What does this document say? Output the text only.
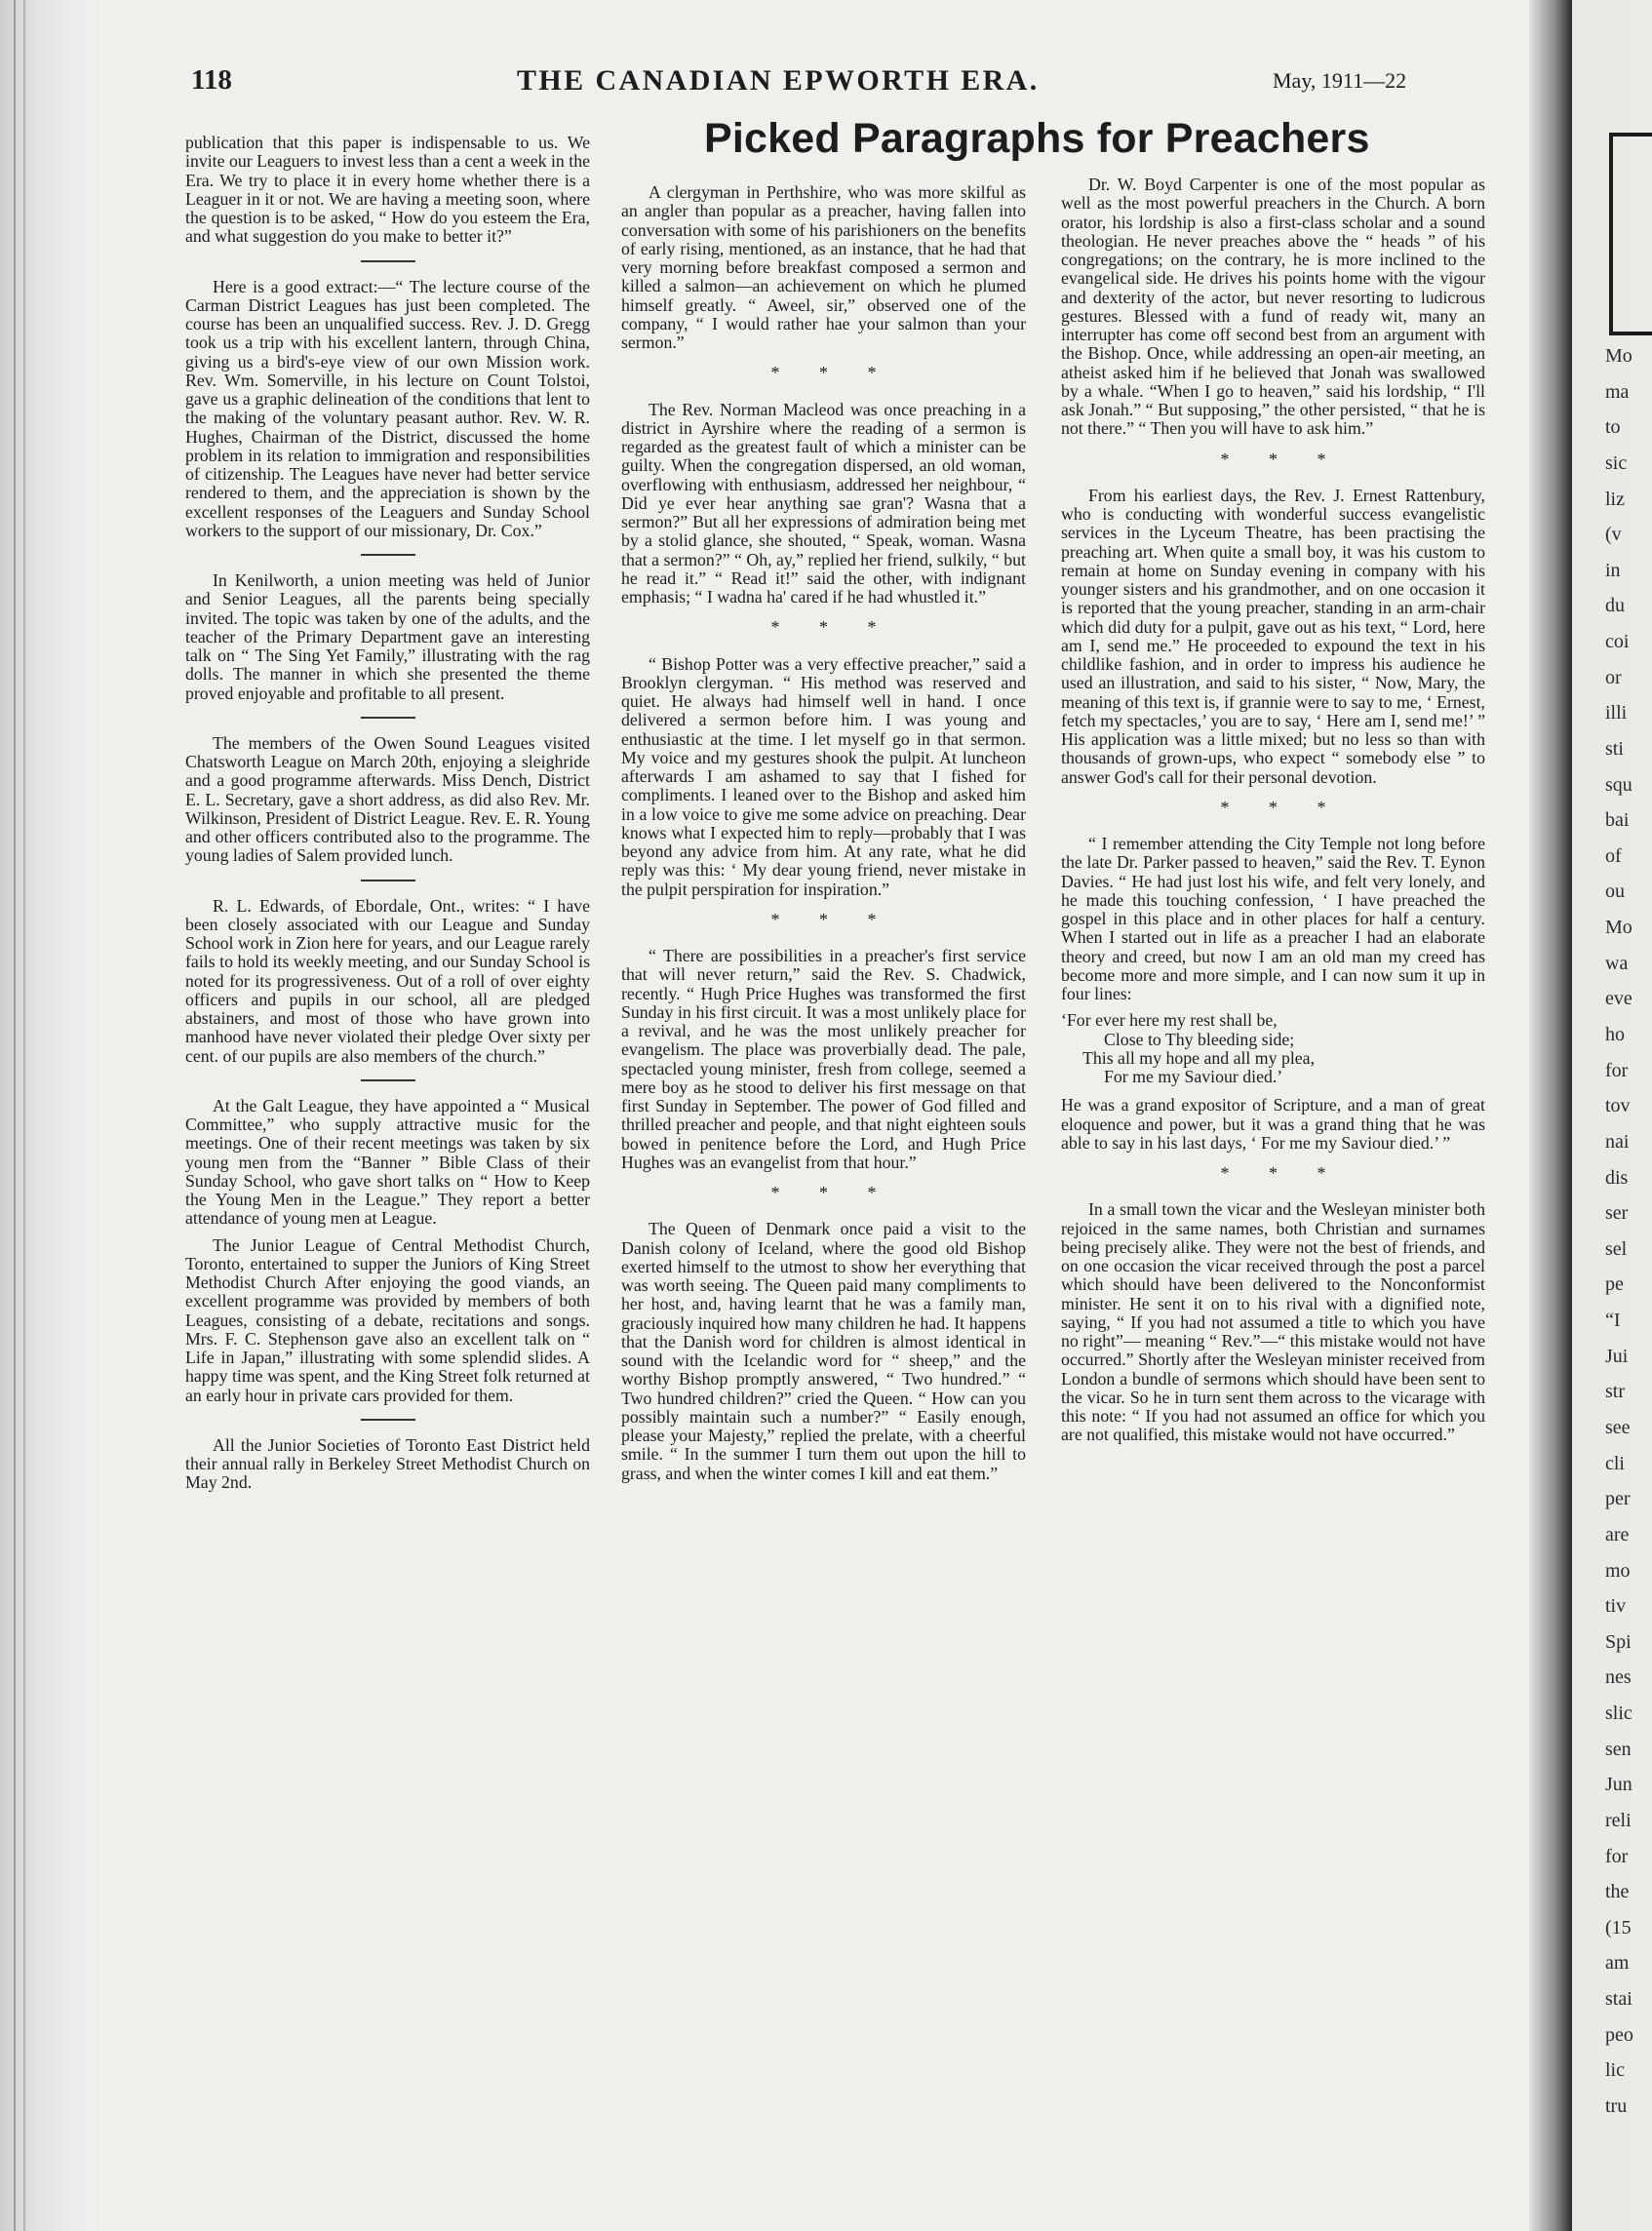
Mo
ma
to
sic
liz
(v
in
du
coi
or
illi
sti
squ
bai
of
ou
Mo
wa
eve
ho
for
tov
nai
dis
ser
sel
pe
“I
Jui
str
see
cli
per
are
mo
tiv
Spi
nes
slic
sen
Jun
reli
for
the
(15
am
stai
peo
lic
tru
118	THE CANADIAN EPWORTH ERA.	May, 1911—22
Picked Paragraphs for Preachers

publication that this paper is indispensable to us. We invite our Leaguers to invest less than a cent a week in the Era. We try to place it in every home whether there is a Leaguer in it or not. We are having a meeting soon, where the question is to be asked, “ How do you esteem the Era, and what suggestion do you make to better it?”

Here is a good extract:—“ The lecture course of the Carman District Leagues has just been completed. The course has been an unqualified success. Rev. J. D. Gregg took us a trip with his excellent lantern, through China, giving us a bird's-eye view of our own Mission work. Rev. Wm. Somerville, in his lecture on Count Tolstoi, gave us a graphic delineation of the conditions that lent to the making of the voluntary peasant author. Rev. W. R. Hughes, Chairman of the District, discussed the home problem in its relation to immigration and responsibilities of citizenship. The Leagues have never had better service rendered to them, and the appreciation is shown by the excellent responses of the Leaguers and Sunday School workers to the support of our missionary, Dr. Cox.”

In Kenilworth, a union meeting was held of Junior and Senior Leagues, all the parents being specially invited. The topic was taken by one of the adults, and the teacher of the Primary Department gave an interesting talk on “ The Sing Yet Family,” illustrating with the rag dolls. The manner in which she presented the theme proved enjoyable and profitable to all present.

The members of the Owen Sound Leagues visited Chatsworth League on March 20th, enjoying a sleighride and a good programme afterwards. Miss Dench, District E. L. Secretary, gave a short address, as did also Rev. Mr. Wilkinson, President of District League. Rev. E. R. Young and other officers contributed also to the programme. The young ladies of Salem provided lunch.

R. L. Edwards, of Ebordale, Ont., writes: “ I have been closely associated with our League and Sunday School work in Zion here for years, and our League rarely fails to hold its weekly meeting, and our Sunday School is noted for its progressiveness. Out of a roll of over eighty officers and pupils in our school, all are pledged abstainers, and most of those who have grown into manhood have never violated their pledge Over sixty per cent. of our pupils are also members of the church.”

At the Galt League, they have appointed a “ Musical Committee,” who supply attractive music for the meetings. One of their recent meetings was taken by six young men from the “Banner ” Bible Class of their Sunday School, who gave short talks on “ How to Keep the Young Men in the League.” They report a better attendance of young men at League.

The Junior League of Central Methodist Church, Toronto, entertained to supper the Juniors of King Street Methodist Church After enjoying the good viands, an excellent programme was provided by members of both Leagues, consisting of a debate, recitations and songs. Mrs. F. C. Stephenson gave also an excellent talk on “ Life in Japan,” illustrating with some splendid slides. A happy time was spent, and the King Street folk returned at an early hour in private cars provided for them.

All the Junior Societies of Toronto East District held their annual rally in Berkeley Street Methodist Church on May 2nd.

A clergyman in Perthshire, who was more skilful as an angler than popular as a preacher, having fallen into conversation with some of his parishioners on the benefits of early rising, mentioned, as an instance, that he had that very morning before breakfast composed a sermon and killed a salmon—an achievement on which he plumed himself greatly. “ Aweel, sir,” observed one of the company, “ I would rather hae your salmon than your sermon.”

* * *

The Rev. Norman Macleod was once preaching in a district in Ayrshire where the reading of a sermon is regarded as the greatest fault of which a minister can be guilty. When the congregation dispersed, an old woman, overflowing with enthusiasm, addressed her neighbour, “ Did ye ever hear anything sae gran'? Wasna that a sermon?” But all her expressions of admiration being met by a stolid glance, she shouted, “ Speak, woman. Wasna that a sermon?” “ Oh, ay,” replied her friend, sulkily, “ but he read it.” “ Read it!” said the other, with indignant emphasis; “ I wadna ha' cared if he had whustled it.”

* * *

“ Bishop Potter was a very effective preacher,” said a Brooklyn clergyman. “ His method was reserved and quiet. He always had himself well in hand. I once delivered a sermon before him. I was young and enthusiastic at the time. I let myself go in that sermon. My voice and my gestures shook the pulpit. At luncheon afterwards I am ashamed to say that I fished for compliments. I leaned over to the Bishop and asked him in a low voice to give me some advice on preaching. Dear knows what I expected him to reply—probably that I was beyond any advice from him. At any rate, what he did reply was this: ‘ My dear young friend, never mistake in the pulpit perspiration for inspiration.”

* * *

“ There are possibilities in a preacher's first service that will never return,” said the Rev. S. Chadwick, recently. “ Hugh Price Hughes was transformed the first Sunday in his first circuit. It was a most unlikely place for a revival, and he was the most unlikely preacher for evangelism. The place was proverbially dead. The pale, spectacled young minister, fresh from college, seemed a mere boy as he stood to deliver his first message on that first Sunday in September. The power of God filled and thrilled preacher and people, and that night eighteen souls bowed in penitence before the Lord, and Hugh Price Hughes was an evangelist from that hour.”

* * *

The Queen of Denmark once paid a visit to the Danish colony of Iceland, where the good old Bishop exerted himself to the utmost to show her everything that was worth seeing. The Queen paid many compliments to her host, and, having learnt that he was a family man, graciously inquired how many children he had. It happens that the Danish word for children is almost identical in sound with the Icelandic word for “ sheep,” and the worthy Bishop promptly answered, “ Two hundred.” “ Two hundred children?” cried the Queen. “ How can you possibly maintain such a number?” “ Easily enough, please your Majesty,” replied the prelate, with a cheerful smile. “ In the summer I turn them out upon the hill to grass, and when the winter comes I kill and eat them.”

Dr. W. Boyd Carpenter is one of the most popular as well as the most powerful preachers in the Church. A born orator, his lordship is also a first-class scholar and a sound theologian. He never preaches above the “ heads ” of his congregations; on the contrary, he is more inclined to the evangelical side. He drives his points home with the vigour and dexterity of the actor, but never resorting to ludicrous gestures. Blessed with a fund of ready wit, many an interrupter has come off second best from an argument with the Bishop. Once, while addressing an open-air meeting, an atheist asked him if he believed that Jonah was swallowed by a whale. “When I go to heaven,” said his lordship, “ I'll ask Jonah.” “ But supposing,” the other persisted, “ that he is not there.” “ Then you will have to ask him.”

* * *

From his earliest days, the Rev. J. Ernest Rattenbury, who is conducting with wonderful success evangelistic services in the Lyceum Theatre, has been practising the preaching art. When quite a small boy, it was his custom to remain at home on Sunday evening in company with his younger sisters and his grandmother, and on one occasion it is reported that the young preacher, standing in an arm-chair which did duty for a pulpit, gave out as his text, “ Lord, here am I, send me.” He proceeded to expound the text in his childlike fashion, and in order to impress his audience he used an illustration, and said to his sister, “ Now, Mary, the meaning of this text is, if grannie were to say to me, ‘ Ernest, fetch my spectacles,’ you are to say, ‘ Here am I, send me!’ ” His application was a little mixed; but no less so than with thousands of grown-ups, who expect “ somebody else ” to answer God's call for their personal devotion.

* * *

“ I remember attending the City Temple not long before the late Dr. Parker passed to heaven,” said the Rev. T. Eynon Davies. “ He had just lost his wife, and felt very lonely, and he made this touching confession, ‘ I have preached the gospel in this place and in other places for half a century. When I started out in life as a preacher I had an elaborate theory and creed, but now I am an old man my creed has become more and more simple, and I can now sum it up in four lines:

‘For ever here my rest shall be,
Close to Thy bleeding side;
This all my hope and all my plea,
For me my Saviour died.’

He was a grand expositor of Scripture, and a man of great eloquence and power, but it was a grand thing that he was able to say in his last days, ‘ For me my Saviour died.’ ”

* * *

In a small town the vicar and the Wesleyan minister both rejoiced in the same names, both Christian and surnames being precisely alike. They were not the best of friends, and on one occasion the vicar received through the post a parcel which should have been delivered to the Nonconformist minister. He sent it on to his rival with a dignified note, saying, “ If you had not assumed a title to which you have no right”— meaning “ Rev.”—“ this mistake would not have occurred.” Shortly after the Wesleyan minister received from London a bundle of sermons which should have been sent to the vicar. So he in turn sent them across to the vicarage with this note: “ If you had not assumed an office for which you are not qualified, this mistake would not have occurred.”
